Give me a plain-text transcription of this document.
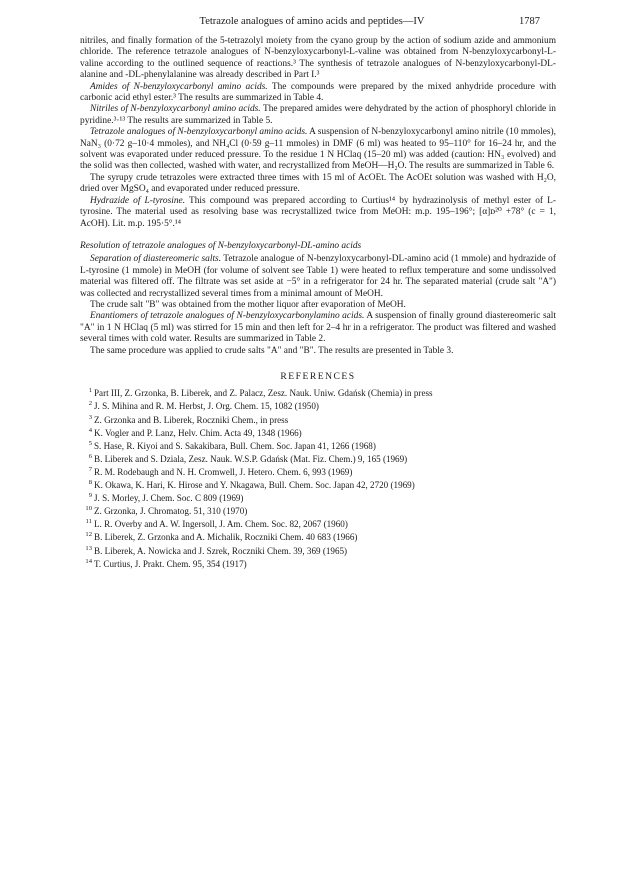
Tetrazole analogues of amino acids and peptides—IV	1787

nitriles, and finally formation of the 5-tetrazolyl moiety from the cyano group by the action of sodium azide and ammonium chloride. The reference tetrazole analogues of N-benzyloxycarbonyl-L-valine was obtained from N-benzyloxycarbonyl-L-valine according to the outlined sequence of reactions.³ The synthesis of tetrazole analogues of N-benzyloxycarbonyl-DL-alanine and -DL-phenylalanine was already described in Part I.³

Amides of N-benzyloxycarbonyl amino acids. The compounds were prepared by the mixed anhydride procedure with carbonic acid ethyl ester.³ The results are summarized in Table 4.

Nitriles of N-benzyloxycarbonyl amino acids. The prepared amides were dehydrated by the action of phosphoryl chloride in pyridine.³·¹³ The results are summarized in Table 5.

Tetrazole analogues of N-benzyloxycarbonyl amino acids. A suspension of N-benzyloxycarbonyl amino nitrile (10 mmoles), NaN₃ (0·72 g–10·4 mmoles), and NH₄Cl (0·59 g–11 mmoles) in DMF (6 ml) was heated to 95–110° for 16–24 hr, and the solvent was evaporated under reduced pressure. To the residue 1 N HClaq (15–20 ml) was added (caution: HN₃ evolved) and the solid was then collected, washed with water, and recrystallized from MeOH—H₂O. The results are summarized in Table 6.

The syrupy crude tetrazoles were extracted three times with 15 ml of AcOEt. The AcOEt solution was washed with H₂O, dried over MgSO₄ and evaporated under reduced pressure.

Hydrazide of L-tyrosine. This compound was prepared according to Curtius¹⁴ by hydrazinolysis of methyl ester of L-tyrosine. The material used as resolving base was recrystallized twice from MeOH: m.p. 195–196°; [α]ᴅ²⁰ +78° (c = 1, AcOH). Lit. m.p. 195·5°.¹⁴

Resolution of tetrazole analogues of N-benzyloxycarbonyl-DL-amino acids

Separation of diastereomeric salts. Tetrazole analogue of N-benzyloxycarbonyl-DL-amino acid (1 mmole) and hydrazide of L-tyrosine (1 mmole) in MeOH (for volume of solvent see Table 1) were heated to reflux temperature and some undissolved material was filtered off. The filtrate was set aside at −5° in a refrigerator for 24 hr. The separated material (crude salt "A") was collected and recrystallized several times from a minimal amount of MeOH.

The crude salt "B" was obtained from the mother liquor after evaporation of MeOH.

Enantiomers of tetrazole analogues of N-benzyloxycarbonylamino acids. A suspension of finally ground diastereomeric salt "A" in 1 N HClaq (5 ml) was stirred for 15 min and then left for 2–4 hr in a refrigerator. The product was filtered and washed several times with cold water. Results are summarized in Table 2.

The same procedure was applied to crude salts "A" and "B". The results are presented in Table 3.

REFERENCES
1 Part III, Z. Grzonka, B. Liberek, and Z. Palacz, Zesz. Nauk. Uniw. Gdańsk (Chemia) in press
2 J. S. Mihina and R. M. Herbst, J. Org. Chem. 15, 1082 (1950)
3 Z. Grzonka and B. Liberek, Roczniki Chem., in press
4 K. Vogler and P. Lanz, Helv. Chim. Acta 49, 1348 (1966)
5 S. Hase, R. Kiyoi and S. Sakakibara, Bull. Chem. Soc. Japan 41, 1266 (1968)
6 B. Liberek and S. Dziala, Zesz. Nauk. W.S.P. Gdańsk (Mat. Fiz. Chem.) 9, 165 (1969)
7 R. M. Rodebaugh and N. H. Cromwell, J. Hetero. Chem. 6, 993 (1969)
8 K. Okawa, K. Hari, K. Hirose and Y. Nkagawa, Bull. Chem. Soc. Japan 42, 2720 (1969)
9 J. S. Morley, J. Chem. Soc. C 809 (1969)
10 Z. Grzonka, J. Chromatog. 51, 310 (1970)
11 L. R. Overby and A. W. Ingersoll, J. Am. Chem. Soc. 82, 2067 (1960)
12 B. Liberek, Z. Grzonka and A. Michalik, Roczniki Chem. 40 683 (1966)
13 B. Liberek, A. Nowicka and J. Szrek, Roczniki Chem. 39, 369 (1965)
14 T. Curtius, J. Prakt. Chem. 95, 354 (1917)
